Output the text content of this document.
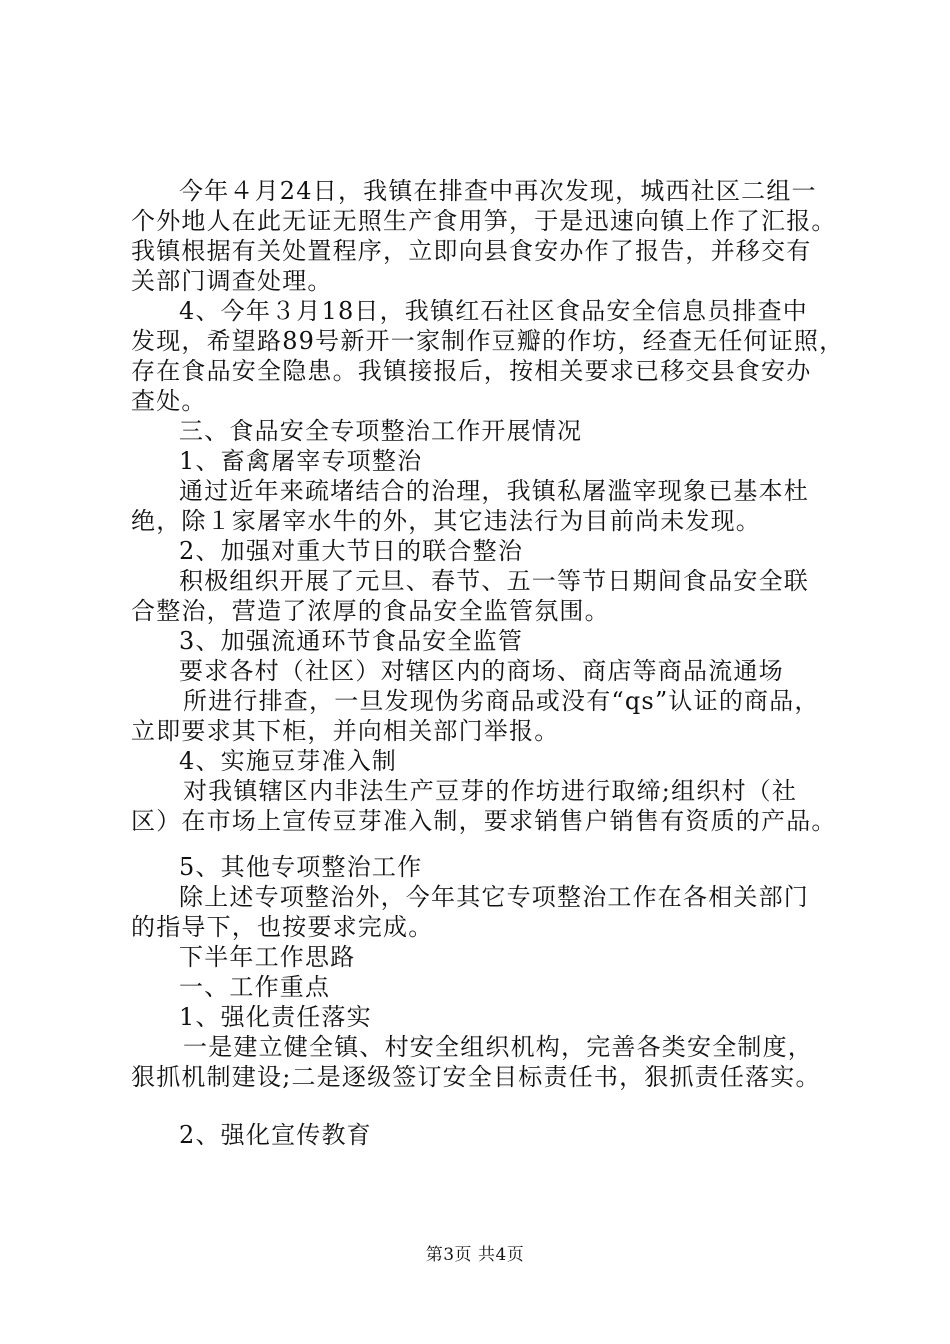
今年４月24日，我镇在排查中再次发现，城西社区二组一
个外地人在此无证无照生产食用笋，于是迅速向镇上作了汇报。
我镇根据有关处置程序，立即向县食安办作了报告，并移交有
关部门调查处理。
4、今年３月18日，我镇红石社区食品安全信息员排查中
发现，希望路89号新开一家制作豆瓣的作坊，经查无任何证照，
存在食品安全隐患。我镇接报后，按相关要求已移交县食安办
查处。
三、食品安全专项整治工作开展情况
1、畜禽屠宰专项整治
通过近年来疏堵结合的治理，我镇私屠滥宰现象已基本杜
绝，除１家屠宰水牛的外，其它违法行为目前尚未发现。
2、加强对重大节日的联合整治
积极组织开展了元旦、春节、五一等节日期间食品安全联
合整治，营造了浓厚的食品安全监管氛围。
3、加强流通环节食品安全监管
要求各村（社区）对辖区内的商场、商店等商品流通场
所进行排查，一旦发现伪劣商品或没有“qs”认证的商品，
立即要求其下柜，并向相关部门举报。
4、实施豆芽准入制
对我镇辖区内非法生产豆芽的作坊进行取缔;组织村（社
区）在市场上宣传豆芽准入制，要求销售户销售有资质的产品。
5、其他专项整治工作
除上述专项整治外，今年其它专项整治工作在各相关部门
的指导下，也按要求完成。
下半年工作思路
一、工作重点
1、强化责任落实
一是建立健全镇、村安全组织机构，完善各类安全制度，
狠抓机制建设;二是逐级签订安全目标责任书，狠抓责任落实。
2、强化宣传教育
第3页 共4页
